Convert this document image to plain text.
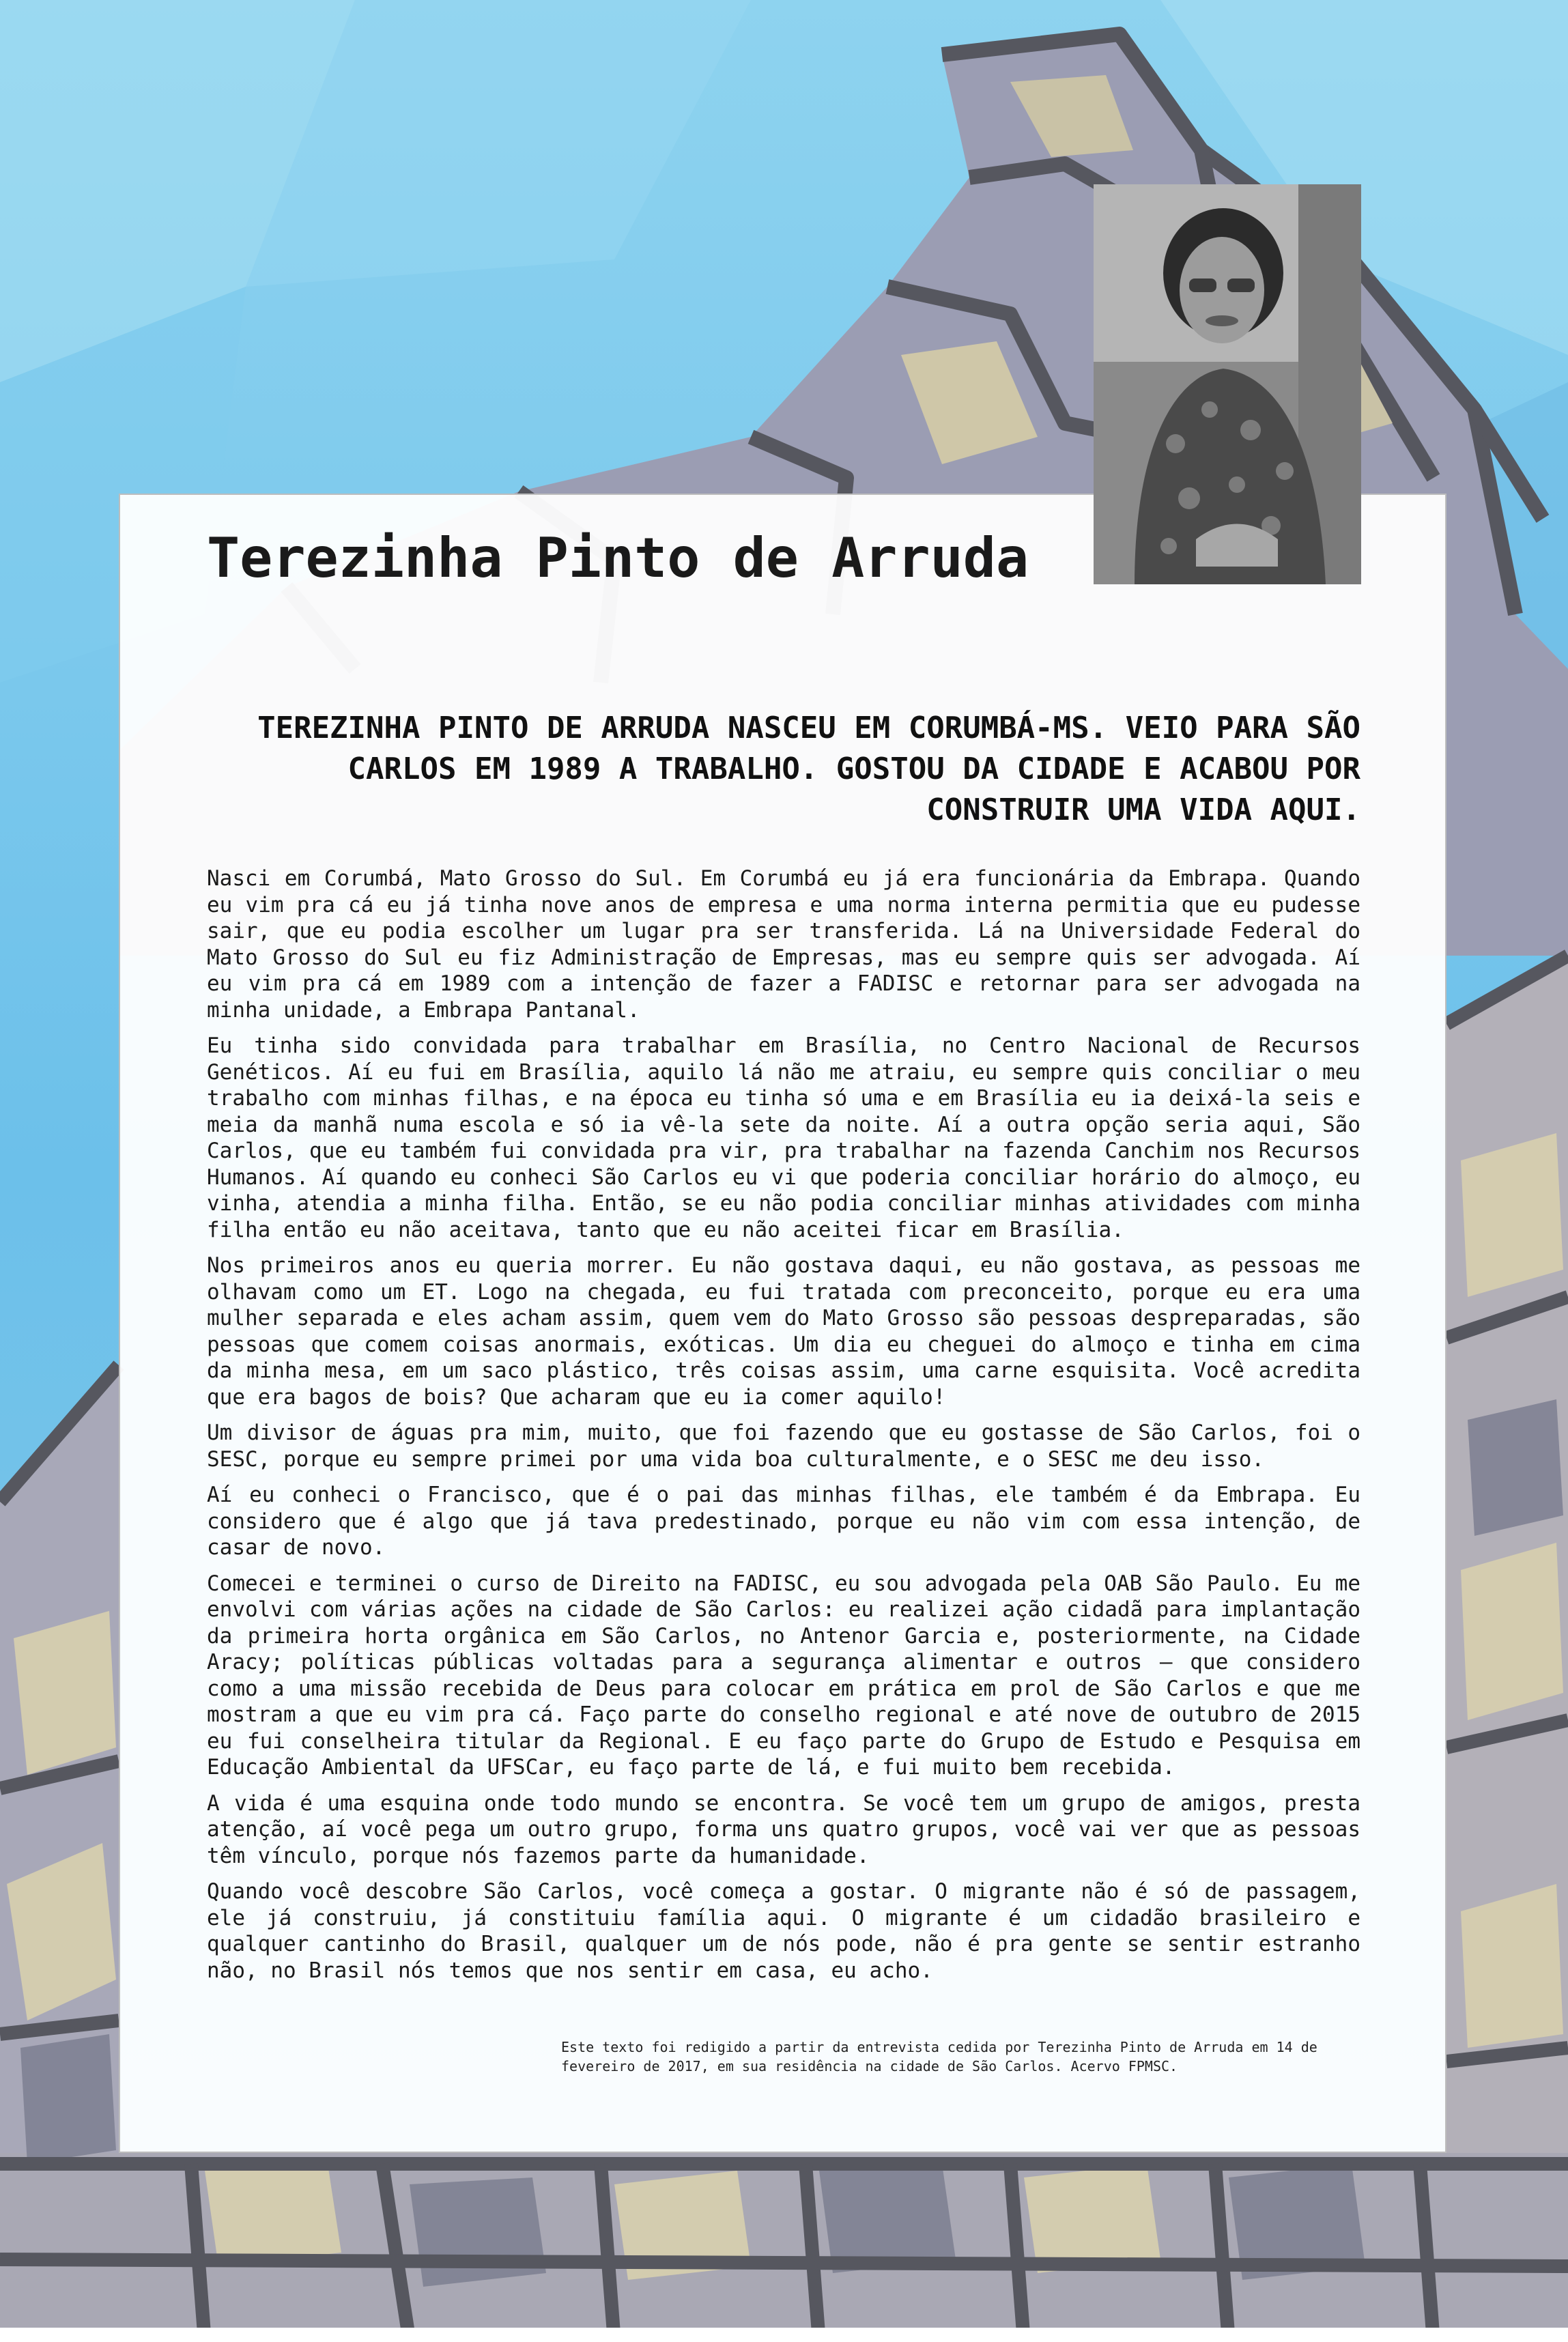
Terezinha Pinto de Arruda

TEREZINHA PINTO DE ARRUDA NASCEU EM CORUMBÁ-MS. VEIO PARA SÃO CARLOS EM 1989 A TRABALHO. GOSTOU DA CIDADE E ACABOU POR CONSTRUIR UMA VIDA AQUI.

Nasci em Corumbá, Mato Grosso do Sul. Em Corumbá eu já era funcionária da Embrapa. Quando eu vim pra cá eu já tinha nove anos de empresa e uma norma interna permitia que eu pudesse sair, que eu podia escolher um lugar pra ser transferida. Lá na Universidade Federal do Mato Grosso do Sul eu fiz Administração de Empresas, mas eu sempre quis ser advogada. Aí eu vim pra cá em 1989 com a intenção de fazer a FADISC e retornar para ser advogada na minha unidade, a Embrapa Pantanal.

Eu tinha sido convidada para trabalhar em Brasília, no Centro Nacional de Recursos Genéticos. Aí eu fui em Brasília, aquilo lá não me atraiu, eu sempre quis conciliar o meu trabalho com minhas filhas, e na época eu tinha só uma e em Brasília eu ia deixá-la seis e meia da manhã numa escola e só ia vê-la sete da noite. Aí a outra opção seria aqui, São Carlos, que eu também fui convidada pra vir, pra trabalhar na fazenda Canchim nos Recursos Humanos. Aí quando eu conheci São Carlos eu vi que poderia conciliar horário do almoço, eu vinha, atendia a minha filha. Então, se eu não podia conciliar minhas atividades com minha filha então eu não aceitava, tanto que eu não aceitei ficar em Brasília.

Nos primeiros anos eu queria morrer. Eu não gostava daqui, eu não gostava, as pessoas me olhavam como um ET. Logo na chegada, eu fui tratada com preconceito, porque eu era uma mulher separada e eles acham assim, quem vem do Mato Grosso são pessoas despreparadas, são pessoas que comem coisas anormais, exóticas. Um dia eu cheguei do almoço e tinha em cima da minha mesa, em um saco plástico, três coisas assim, uma carne esquisita. Você acredita que era bagos de bois? Que acharam que eu ia comer aquilo!

Um divisor de águas pra mim, muito, que foi fazendo que eu gostasse de São Carlos, foi o SESC, porque eu sempre primei por uma vida boa culturalmente, e o SESC me deu isso.

Aí eu conheci o Francisco, que é o pai das minhas filhas, ele também é da Embrapa. Eu considero que é algo que já tava predestinado, porque eu não vim com essa intenção, de casar de novo.

Comecei e terminei o curso de Direito na FADISC, eu sou advogada pela OAB São Paulo. Eu me envolvi com várias ações na cidade de São Carlos: eu realizei ação cidadã para implantação da primeira horta orgânica em São Carlos, no Antenor Garcia e, posteriormente, na Cidade Aracy; políticas públicas voltadas para a segurança alimentar e outros – que considero como a uma missão recebida de Deus para colocar em prática em prol de São Carlos e que me mostram a que eu vim pra cá. Faço parte do conselho regional e até nove de outubro de 2015 eu fui conselheira titular da Regional. E eu faço parte do Grupo de Estudo e Pesquisa em Educação Ambiental da UFSCar, eu faço parte de lá, e fui muito bem recebida.

A vida é uma esquina onde todo mundo se encontra. Se você tem um grupo de amigos, presta atenção, aí você pega um outro grupo, forma uns quatro grupos, você vai ver que as pessoas têm vínculo, porque nós fazemos parte da humanidade.

Quando você descobre São Carlos, você começa a gostar. O migrante não é só de passagem, ele já construiu, já constituiu família aqui. O migrante é um cidadão brasileiro e qualquer cantinho do Brasil, qualquer um de nós pode, não é pra gente se sentir estranho não, no Brasil nós temos que nos sentir em casa, eu acho.

Este texto foi redigido a partir da entrevista cedida por Terezinha Pinto de Arruda em 14 de fevereiro de 2017, em sua residência na cidade de São Carlos. Acervo FPMSC.
